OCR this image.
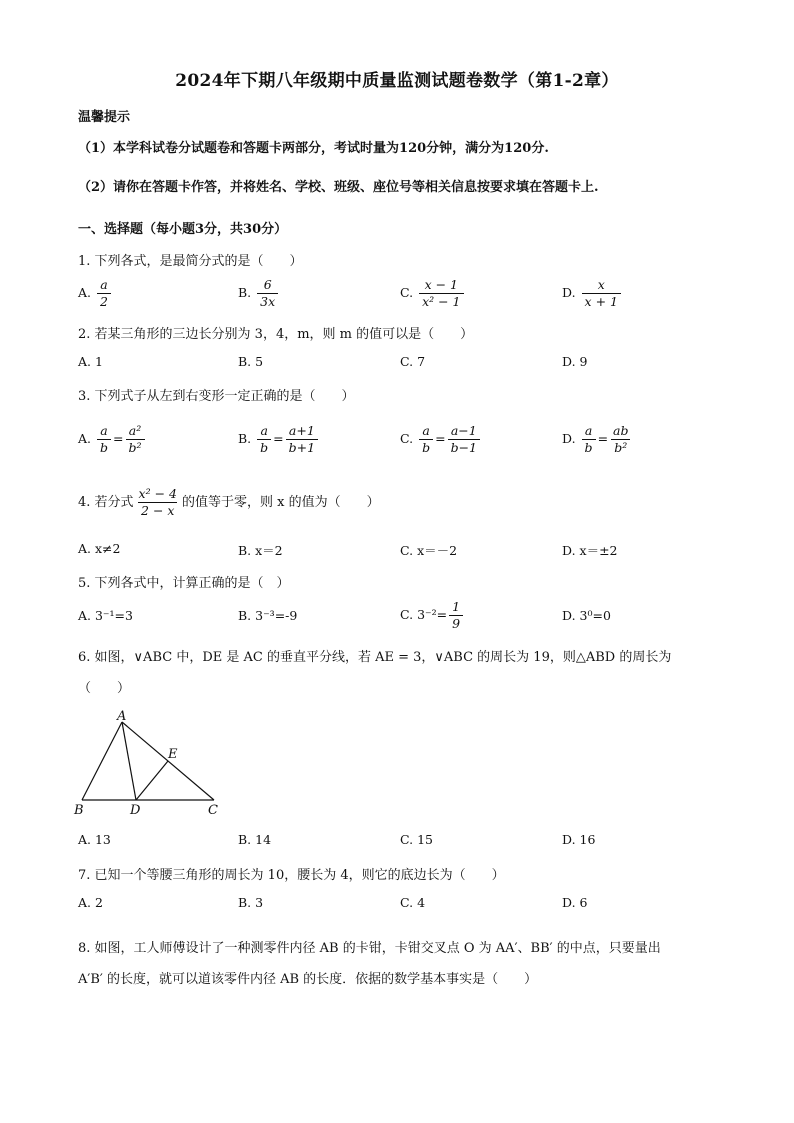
2024年下期八年级期中质量监测试题卷数学（第1-2章）
温馨提示
（1）本学科试卷分试题卷和答题卡两部分，考试时量为120分钟，满分为120分.
（2）请你在答题卡作答，并将姓名、学校、班级、座位号等相关信息按要求填在答题卡上.
一、选择题（每小题3分，共30分）
1. 下列各式，是最简分式的是（　　）
A. $\frac{a}{2}$	B. $\frac{6}{3x}$	C. $\frac{x - 1}{\text{x² − 1}}$	D. $\frac{x}{x + 1}$
2. 若某三角形的三边长分别为 3，4，m，则 m 的值可以是（　　）
A. 1	B. 5	C. 7	D. 9
3. 下列式子从左到右变形一定正确的是（　　）
A. $\frac{a}{b} = \frac{\text{a²}}{\text{b²}}$	B. $\frac{a}{b} = \frac{a+1}{b+1}$	C. $\frac{a}{b} = \frac{a-1}{b-1}$	D. $\frac{a}{b} = \frac{ab}{\text{b²}}$
4. 若分式 $\frac{\text{x² − 4}}{2 - x}$ 的值等于零，则 x 的值为（　　）
A. x≠2	B. x＝2	C. x＝－2	D. x＝±2
5. 下列各式中，计算正确的是（　）
A. 3⁻¹=3	B. 3⁻³=-9	C. $3^{-2}= \frac{1}{9}$	D. 3⁰=0
6. 如图，∨ABC 中，DE 是 AC 的垂直平分线，若 AE = 3，∨ABC 的周长为 19，则△ABD 的周长为
（　　）
A
B	C
D
E
A. 13	B. 14	C. 15	D. 16
7. 已知一个等腰三角形的周长为 10，腰长为 4，则它的底边长为（　　）
A. 2	B. 3	C. 4	D. 6
8. 如图，工人师傅设计了一种测零件内径 AB 的卡钳，卡钳交叉点 O 为 AA′、BB′ 的中点，只要量出
A′B′ 的长度，就可以道该零件内径 AB 的长度．依据的数学基本事实是（　　）
